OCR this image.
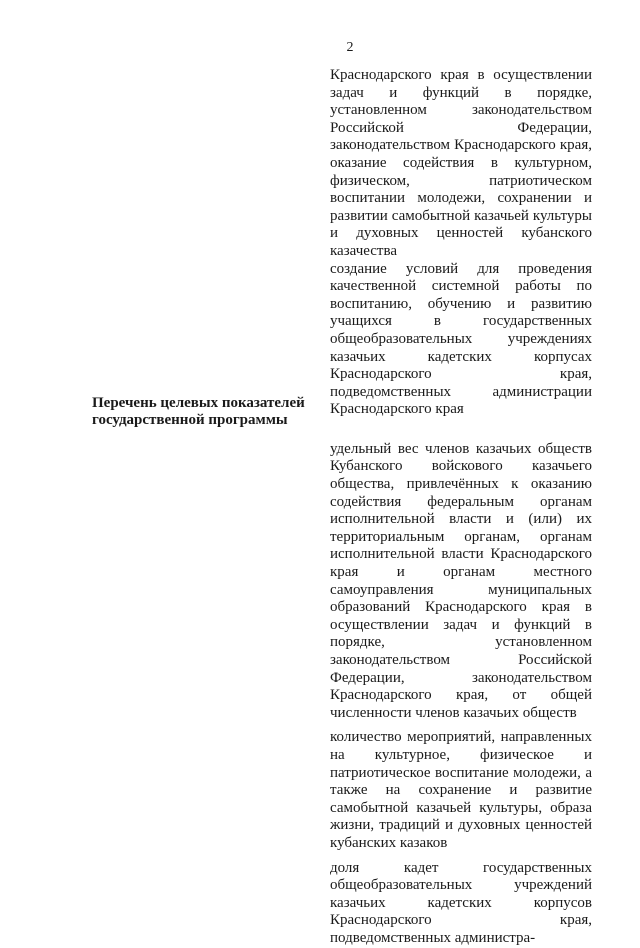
2
Перечень целевых показателей государственной программы

Краснодарского края в осуществлении задач и функций в порядке, установленном законодательством Российской Федерации, законодательством Краснодарского края, оказание содействия в культурном, физическом, патриотическом воспитании молодежи, сохранении и развитии самобытной казачьей культуры и духовных ценностей кубанского казачества

создание условий для проведения качественной системной работы по воспитанию, обучению и развитию учащихся в государственных общеобразовательных учреждениях казачьих кадетских корпусах Краснодарского края, подведомственных администрации Краснодарского края

удельный вес членов казачьих обществ Кубанского войскового казачьего общества, привлечённых к оказанию содействия федеральным органам исполнительной власти и (или) их территориальным органам, органам исполнительной власти Краснодарского края и органам местного самоуправления муниципальных образований Краснодарского края в осуществлении задач и функций в порядке, установленном законодательством Российской Федерации, законодательством Краснодарского края, от общей численности членов казачьих обществ

количество мероприятий, направленных на культурное, физическое и патриотическое воспитание молодежи, а также на сохранение и развитие самобытной казачьей культуры, образа жизни, традиций и духовных ценностей кубанских казаков

доля кадет государственных общеобразовательных учреждений казачьих кадетских корпусов Краснодарского края, подведомственных администра-
